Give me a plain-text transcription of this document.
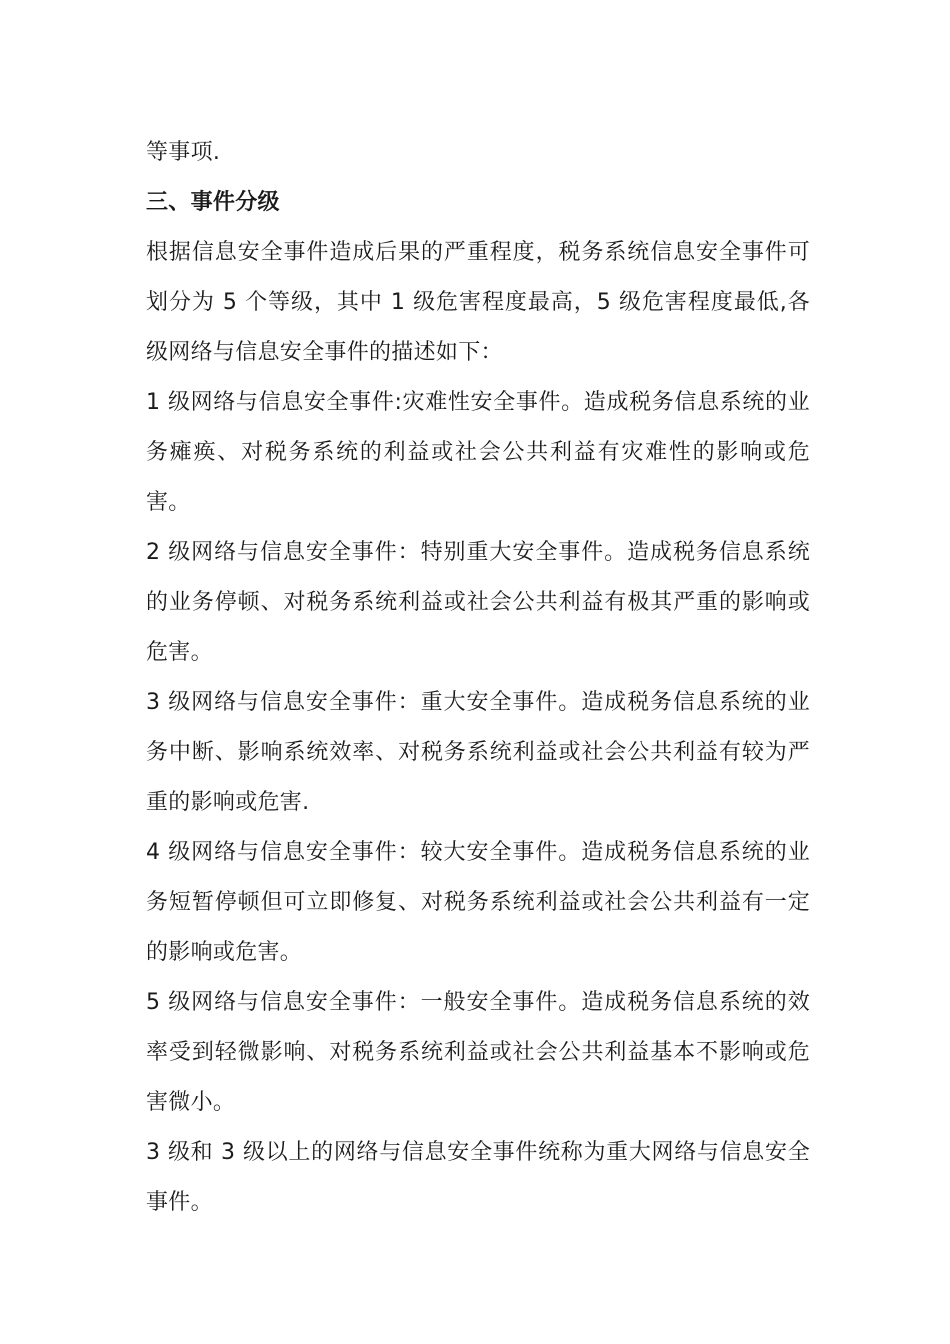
等事项.

三、事件分级

根据信息安全事件造成后果的严重程度，税务系统信息安全事件可划分为 5 个等级，其中 1 级危害程度最高，5 级危害程度最低,各级网络与信息安全事件的描述如下：

1 级网络与信息安全事件:灾难性安全事件。造成税务信息系统的业务瘫痪、对税务系统的利益或社会公共利益有灾难性的影响或危害。

2 级网络与信息安全事件：特别重大安全事件。造成税务信息系统的业务停顿、对税务系统利益或社会公共利益有极其严重的影响或危害。

3 级网络与信息安全事件：重大安全事件。造成税务信息系统的业务中断、影响系统效率、对税务系统利益或社会公共利益有较为严重的影响或危害.

4 级网络与信息安全事件：较大安全事件。造成税务信息系统的业务短暂停顿但可立即修复、对税务系统利益或社会公共利益有一定的影响或危害。

5 级网络与信息安全事件：一般安全事件。造成税务信息系统的效率受到轻微影响、对税务系统利益或社会公共利益基本不影响或危害微小。

3 级和 3 级以上的网络与信息安全事件统称为重大网络与信息安全事件。
